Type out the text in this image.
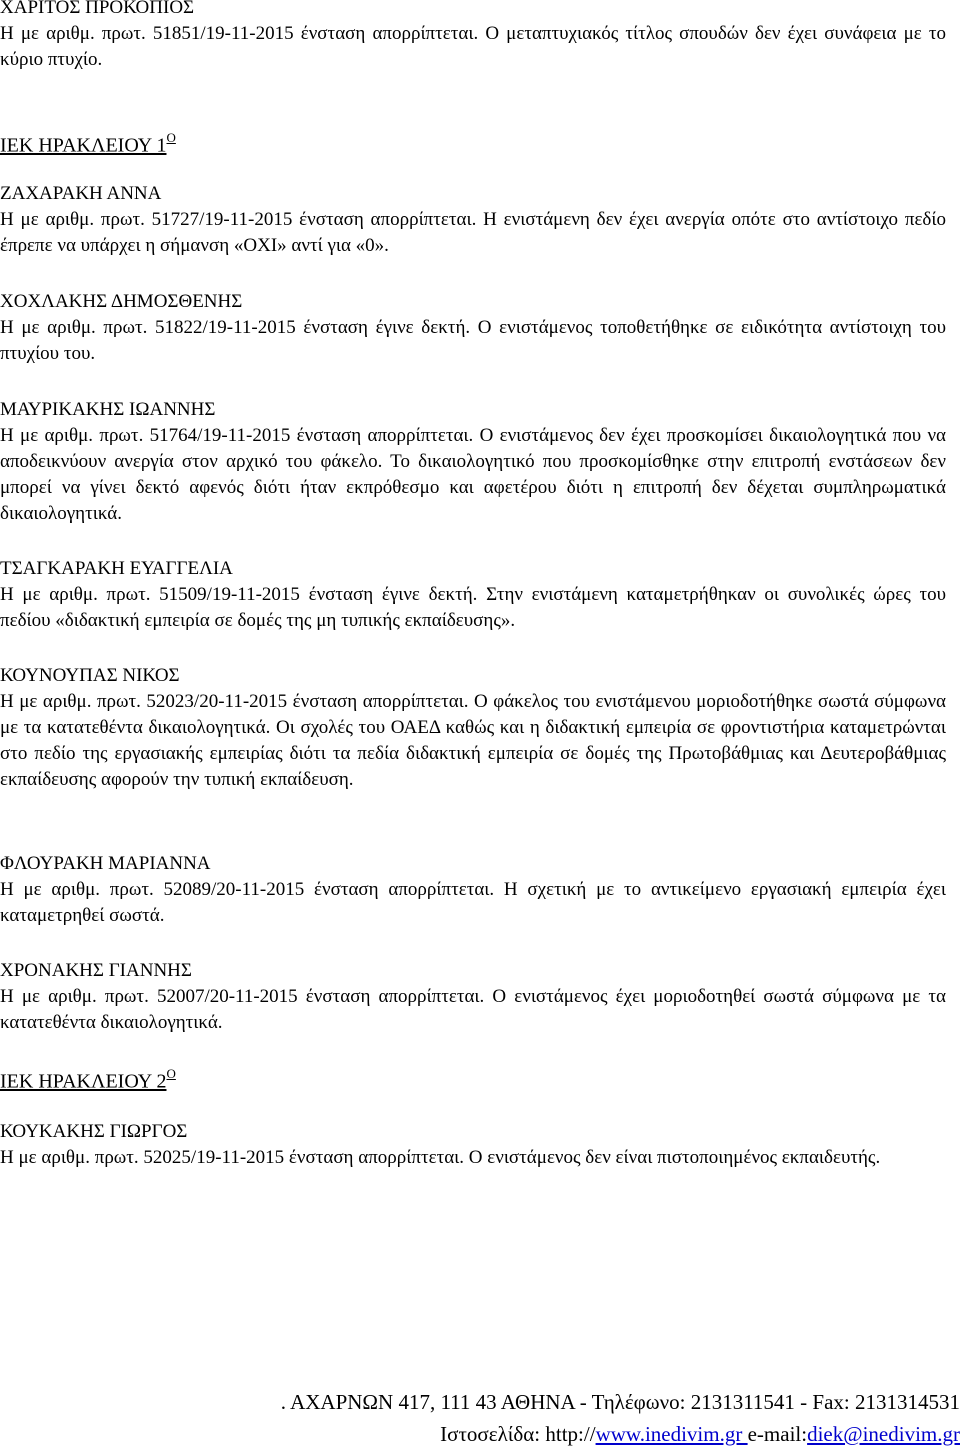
ΧΑΡΙΤΟΣ ΠΡΟΚΟΠΙΟΣ
Η με αριθμ. πρωτ. 51851/19-11-2015 ένσταση απορρίπτεται. Ο μεταπτυχιακός τίτλος σπουδών δεν έχει συνάφεια με το κύριο πτυχίο.
ΙΕΚ ΗΡΑΚΛΕΙΟΥ $1^O$
ΖΑΧΑΡΑΚΗ ΑΝΝΑ
Η με αριθμ. πρωτ. 51727/19-11-2015 ένσταση απορρίπτεται. Η ενιστάμενη δεν έχει ανεργία οπότε στο αντίστοιχο πεδίο έπρεπε να υπάρχει η σήμανση «ΟΧΙ» αντί για «0».
ΧΟΧΛΑΚΗΣ ΔΗΜΟΣΘΕΝΗΣ
Η με αριθμ. πρωτ. 51822/19-11-2015 ένσταση έγινε δεκτή. Ο ενιστάμενος τοποθετήθηκε σε ειδικότητα αντίστοιχη του πτυχίου του.
ΜΑΥΡΙΚΑΚΗΣ ΙΩΑΝΝΗΣ
Η με αριθμ. πρωτ. 51764/19-11-2015 ένσταση απορρίπτεται. Ο ενιστάμενος δεν έχει προσκομίσει δικαιολογητικά που να αποδεικνύουν ανεργία στον αρχικό του φάκελο. Το δικαιολογητικό που προσκομίσθηκε στην επιτροπή ενστάσεων δεν μπορεί να γίνει δεκτό αφενός διότι ήταν εκπρόθεσμο και αφετέρου διότι η επιτροπή δεν δέχεται συμπληρωματικά δικαιολογητικά.
ΤΣΑΓΚΑΡΑΚΗ ΕΥΑΓΓΕΛΙΑ
Η με αριθμ. πρωτ. 51509/19-11-2015 ένσταση έγινε δεκτή. Στην ενιστάμενη καταμετρήθηκαν οι συνολικές ώρες του πεδίου «διδακτική εμπειρία σε δομές της μη τυπικής εκπαίδευσης».
ΚΟΥΝΟΥΠΑΣ ΝΙΚΟΣ
Η με αριθμ. πρωτ. 52023/20-11-2015 ένσταση απορρίπτεται. Ο φάκελος του ενιστάμενου μοριοδοτήθηκε σωστά σύμφωνα με τα κατατεθέντα δικαιολογητικά. Οι σχολές του ΟΑΕΔ καθώς και η διδακτική εμπειρία σε φροντιστήρια καταμετρώνται στο πεδίο της εργασιακής εμπειρίας διότι τα πεδία διδακτική εμπειρία σε δομές της Πρωτοβάθμιας και Δευτεροβάθμιας εκπαίδευσης αφορούν την τυπική εκπαίδευση.
ΦΛΟΥΡΑΚΗ ΜΑΡΙΑΝΝΑ
Η με αριθμ. πρωτ. 52089/20-11-2015 ένσταση απορρίπτεται. Η σχετική με το αντικείμενο εργασιακή εμπειρία έχει καταμετρηθεί σωστά.
ΧΡΟΝΑΚΗΣ ΓΙΑΝΝΗΣ
Η με αριθμ. πρωτ. 52007/20-11-2015 ένσταση απορρίπτεται. Ο ενιστάμενος έχει μοριοδοτηθεί σωστά σύμφωνα με τα κατατεθέντα δικαιολογητικά.
ΙΕΚ ΗΡΑΚΛΕΙΟΥ $2^O$
ΚΟΥΚΑΚΗΣ ΓΙΩΡΓΟΣ
Η με αριθμ. πρωτ. 52025/19-11-2015 ένσταση απορρίπτεται. Ο ενιστάμενος δεν είναι πιστοποιημένος εκπαιδευτής.
. ΑΧΑΡΝΩΝ 417, 111 43 ΑΘΗΝΑ - Τηλέφωνο: 2131311541 - Fax: 2131314531
Ιστοσελίδα: http://www.inedivim.gr e-mail:diek@inedivim.gr
